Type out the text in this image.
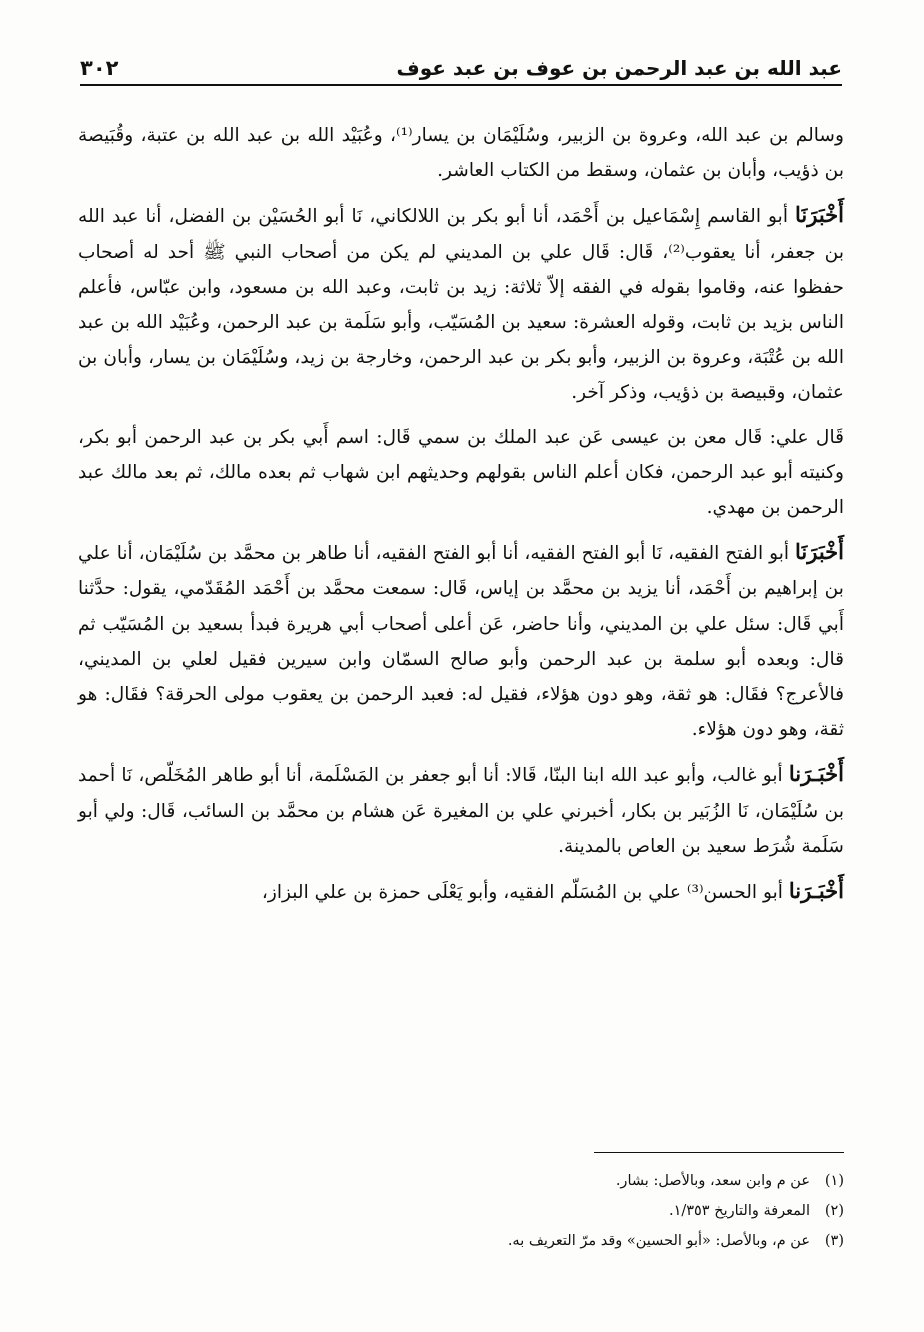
عبد الله بن عبد الرحمن بن عوف بن عبد عوف
٣٠٢

وسالم بن عبد الله، وعروة بن الزبير، وسُلَيْمَان بن يسار⁽¹⁾، وعُبَيْد الله بن عبد الله بن عتبة، وقُبَيصة بن ذؤيب، وأبان بن عثمان، وسقط من الكتاب العاشر.

أَخْبَرَنَا أبو القاسم إِسْمَاعيل بن أَحْمَد، أنا أبو بكر بن اللالكاني، نَا أبو الحُسَيْن بن الفضل، أنا عبد الله بن جعفر، أنا يعقوب⁽²⁾، قَال: قَال علي بن المديني لم يكن من أصحاب النبي ﷺ أحد له أصحاب حفظوا عنه، وقاموا بقوله في الفقه إلاّ ثلاثة: زيد بن ثابت، وعبد الله بن مسعود، وابن عبّاس، فأعلم الناس بزيد بن ثابت، وقوله العشرة: سعيد بن المُسَيّب، وأبو سَلَمة بن عبد الرحمن، وعُبَيْد الله بن عبد الله بن عُتْبَة، وعروة بن الزبير، وأبو بكر بن عبد الرحمن، وخارجة بن زيد، وسُلَيْمَان بن يسار، وأبان بن عثمان، وقبيصة بن ذؤيب، وذكر آخر.

قَال علي: قَال معن بن عيسى عَن عبد الملك بن سمي قَال: اسم أَبي بكر بن عبد الرحمن أبو بكر، وكنيته أبو عبد الرحمن، فكان أعلم الناس بقولهم وحديثهم ابن شهاب ثم بعده مالك، ثم بعد مالك عبد الرحمن بن مهدي.

أَخْبَرَنَا أبو الفتح الفقيه، نَا أبو الفتح الفقيه، أنا أبو الفتح الفقيه، أنا طاهر بن محمَّد بن سُلَيْمَان، أنا علي بن إبراهيم بن أَحْمَد، أنا يزيد بن محمَّد بن إياس، قَال: سمعت محمَّد بن أَحْمَد المُقَدّمي، يقول: حدَّثنا أَبي قَال: سئل علي بن المديني، وأنا حاضر، عَن أعلى أصحاب أبي هريرة فبدأ بسعيد بن المُسَيّب ثم قال: وبعده أبو سلمة بن عبد الرحمن وأبو صالح السمّان وابن سيرين فقيل لعلي بن المديني، فالأعرج؟ فقَال: هو ثقة، وهو دون هؤلاء، فقيل له: فعبد الرحمن بن يعقوب مولى الحرقة؟ فقَال: هو ثقة، وهو دون هؤلاء.

أَخْبَـرَنا أبو غالب، وأبو عبد الله ابنا البنّا، قَالا: أنا أبو جعفر بن المَسْلَمة، أنا أبو طاهر المُخَلّص، نَا أحمد بن سُلَيْمَان، نَا الزُبَير بن بكار، أخبرني علي بن المغيرة عَن هشام بن محمَّد بن السائب، قَال: ولي أبو سَلَمة شُرَط سعيد بن العاص بالمدينة.

أَخْبَـرَنا أبو الحسن⁽³⁾ علي بن المُسَلّم الفقيه، وأبو يَعْلَى حمزة بن علي البزاز،

(١)عن م وابن سعد، وبالأصل: بشار.
(٢)المعرفة والتاريخ ١/٣٥٣.
(٣)عن م، وبالأصل: «أبو الحسين» وقد مرّ التعريف به.
